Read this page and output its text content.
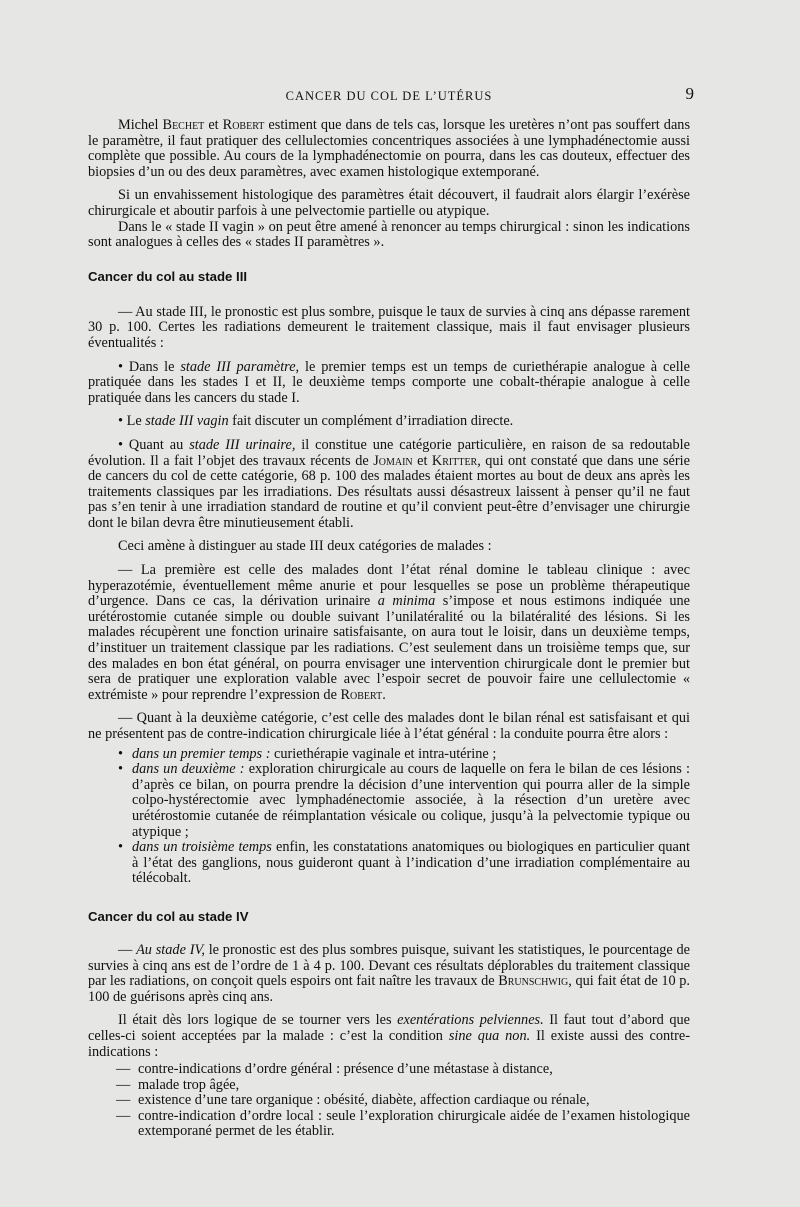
CANCER DU COL DE L’UTÉRUS	9

Michel Bechet et Robert estiment que dans de tels cas, lorsque les uretères n’ont pas souffert dans le paramètre, il faut pratiquer des cellulectomies concentriques associées à une lymphadénectomie aussi complète que possible. Au cours de la lymphadénectomie on pourra, dans les cas douteux, effectuer des biopsies d’un ou des deux paramètres, avec examen histologique extemporané.

Si un envahissement histologique des paramètres était découvert, il faudrait alors élargir l’exérèse chirurgicale et aboutir parfois à une pelvectomie partielle ou atypique.

Dans le « stade II vagin » on peut être amené à renoncer au temps chirurgical : sinon les indications sont analogues à celles des « stades II paramètres ».

Cancer du col au stade III

— Au stade III, le pronostic est plus sombre, puisque le taux de survies à cinq ans dépasse rarement 30 p. 100. Certes les radiations demeurent le traitement classique, mais il faut envisager plusieurs éventualités :

• Dans le stade III paramètre, le premier temps est un temps de curiethérapie analogue à celle pratiquée dans les stades I et II, le deuxième temps comporte une cobalt-thérapie analogue à celle pratiquée dans les cancers du stade I.

• Le stade III vagin fait discuter un complément d’irradiation directe.

• Quant au stade III urinaire, il constitue une catégorie particulière, en raison de sa redoutable évolution. Il a fait l’objet des travaux récents de Jomain et Kritter, qui ont constaté que dans une série de cancers du col de cette catégorie, 68 p. 100 des malades étaient mortes au bout de deux ans après les traitements classiques par les irradiations. Des résultats aussi désastreux laissent à penser qu’il ne faut pas s’en tenir à une irradiation standard de routine et qu’il convient peut-être d’envisager une chirurgie dont le bilan devra être minutieusement établi.

Ceci amène à distinguer au stade III deux catégories de malades :

— La première est celle des malades dont l’état rénal domine le tableau clinique : avec hyperazotémie, éventuellement même anurie et pour lesquelles se pose un problème thérapeutique d’urgence. Dans ce cas, la dérivation urinaire a minima s’impose et nous estimons indiquée une urétérostomie cutanée simple ou double suivant l’unilatéralité ou la bilatéralité des lésions. Si les malades récupèrent une fonction urinaire satisfaisante, on aura tout le loisir, dans un deuxième temps, d’instituer un traitement classique par les radiations. C’est seulement dans un troisième temps que, sur des malades en bon état général, on pourra envisager une intervention chirurgicale dont le premier but sera de pratiquer une exploration valable avec l’espoir secret de pouvoir faire une cellulectomie « extrémiste » pour reprendre l’expression de Robert.

— Quant à la deuxième catégorie, c’est celle des malades dont le bilan rénal est satisfaisant et qui ne présentent pas de contre-indication chirurgicale liée à l’état général : la conduite pourra être alors :

• dans un premier temps : curiethérapie vaginale et intra-utérine ;
• dans un deuxième : exploration chirurgicale au cours de laquelle on fera le bilan de ces lésions : d’après ce bilan, on pourra prendre la décision d’une intervention qui pourra aller de la simple colpo-hystérectomie avec lymphadénectomie associée, à la résection d’un uretère avec urétérostomie cutanée de réimplantation vésicale ou colique, jusqu’à la pelvectomie typique ou atypique ;
• dans un troisième temps enfin, les constatations anatomiques ou biologiques en particulier quant à l’état des ganglions, nous guideront quant à l’indication d’une irradiation complémentaire au télécobalt.
Cancer du col au stade IV

— Au stade IV, le pronostic est des plus sombres puisque, suivant les statistiques, le pourcentage de survies à cinq ans est de l’ordre de 1 à 4 p. 100. Devant ces résultats déplorables du traitement classique par les radiations, on conçoit quels espoirs ont fait naître les travaux de Brunschwig, qui fait état de 10 p. 100 de guérisons après cinq ans.

Il était dès lors logique de se tourner vers les exentérations pelviennes. Il faut tout d’abord que celles-ci soient acceptées par la malade : c’est la condition sine qua non. Il existe aussi des contre-indications :

— contre-indications d’ordre général : présence d’une métastase à distance,
— malade trop âgée,
— existence d’une tare organique : obésité, diabète, affection cardiaque ou rénale,
— contre-indication d’ordre local : seule l’exploration chirurgicale aidée de l’examen histologique extemporané permet de les établir.
